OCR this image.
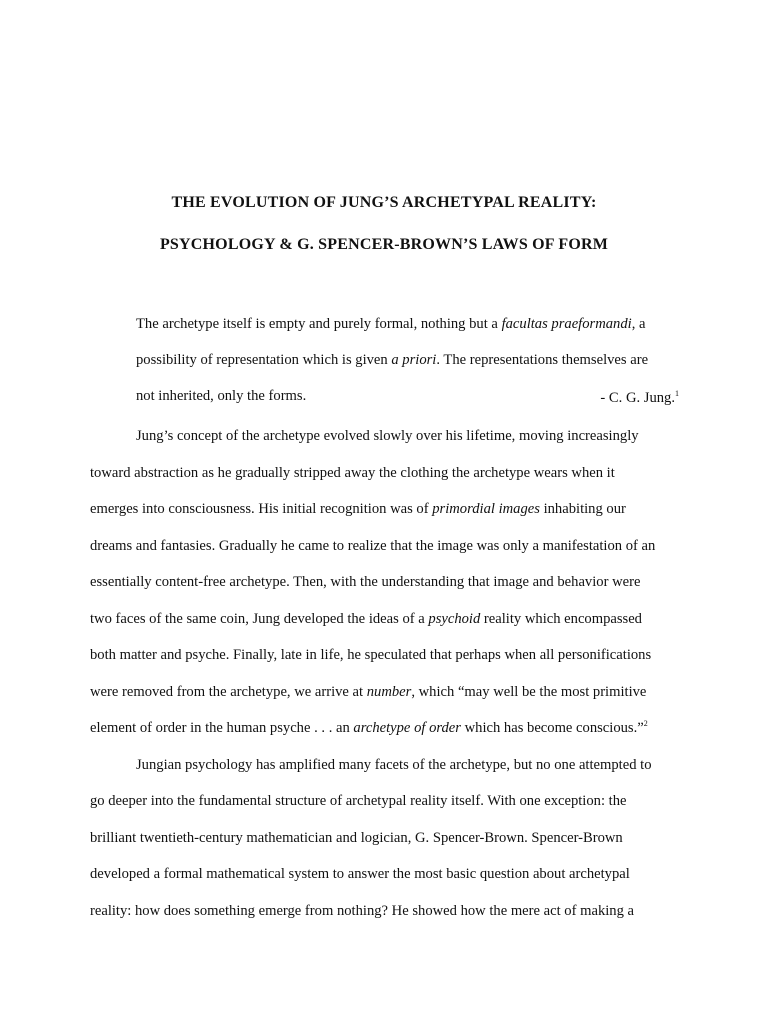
THE EVOLUTION OF JUNG’S ARCHETYPAL REALITY:
PSYCHOLOGY & G. SPENCER-BROWN’S LAWS OF FORM
The archetype itself is empty and purely formal, nothing but a facultas praeformandi, a
possibility of representation which is given a priori. The representations themselves are
not inherited, only the forms.	- C. G. Jung.$^1$
Jung’s concept of the archetype evolved slowly over his lifetime, moving increasingly
toward abstraction as he gradually stripped away the clothing the archetype wears when it
emerges into consciousness. His initial recognition was of primordial images inhabiting our
dreams and fantasies. Gradually he came to realize that the image was only a manifestation of an
essentially content-free archetype. Then, with the understanding that image and behavior were
two faces of the same coin, Jung developed the ideas of a psychoid reality which encompassed
both matter and psyche. Finally, late in life, he speculated that perhaps when all personifications
were removed from the archetype, we arrive at number, which “may well be the most primitive
element of order in the human psyche . . . an archetype of order which has become conscious.”$^2$
Jungian psychology has amplified many facets of the archetype, but no one attempted to
go deeper into the fundamental structure of archetypal reality itself. With one exception: the
brilliant twentieth-century mathematician and logician, G. Spencer-Brown. Spencer-Brown
developed a formal mathematical system to answer the most basic question about archetypal
reality: how does something emerge from nothing? He showed how the mere act of making a
